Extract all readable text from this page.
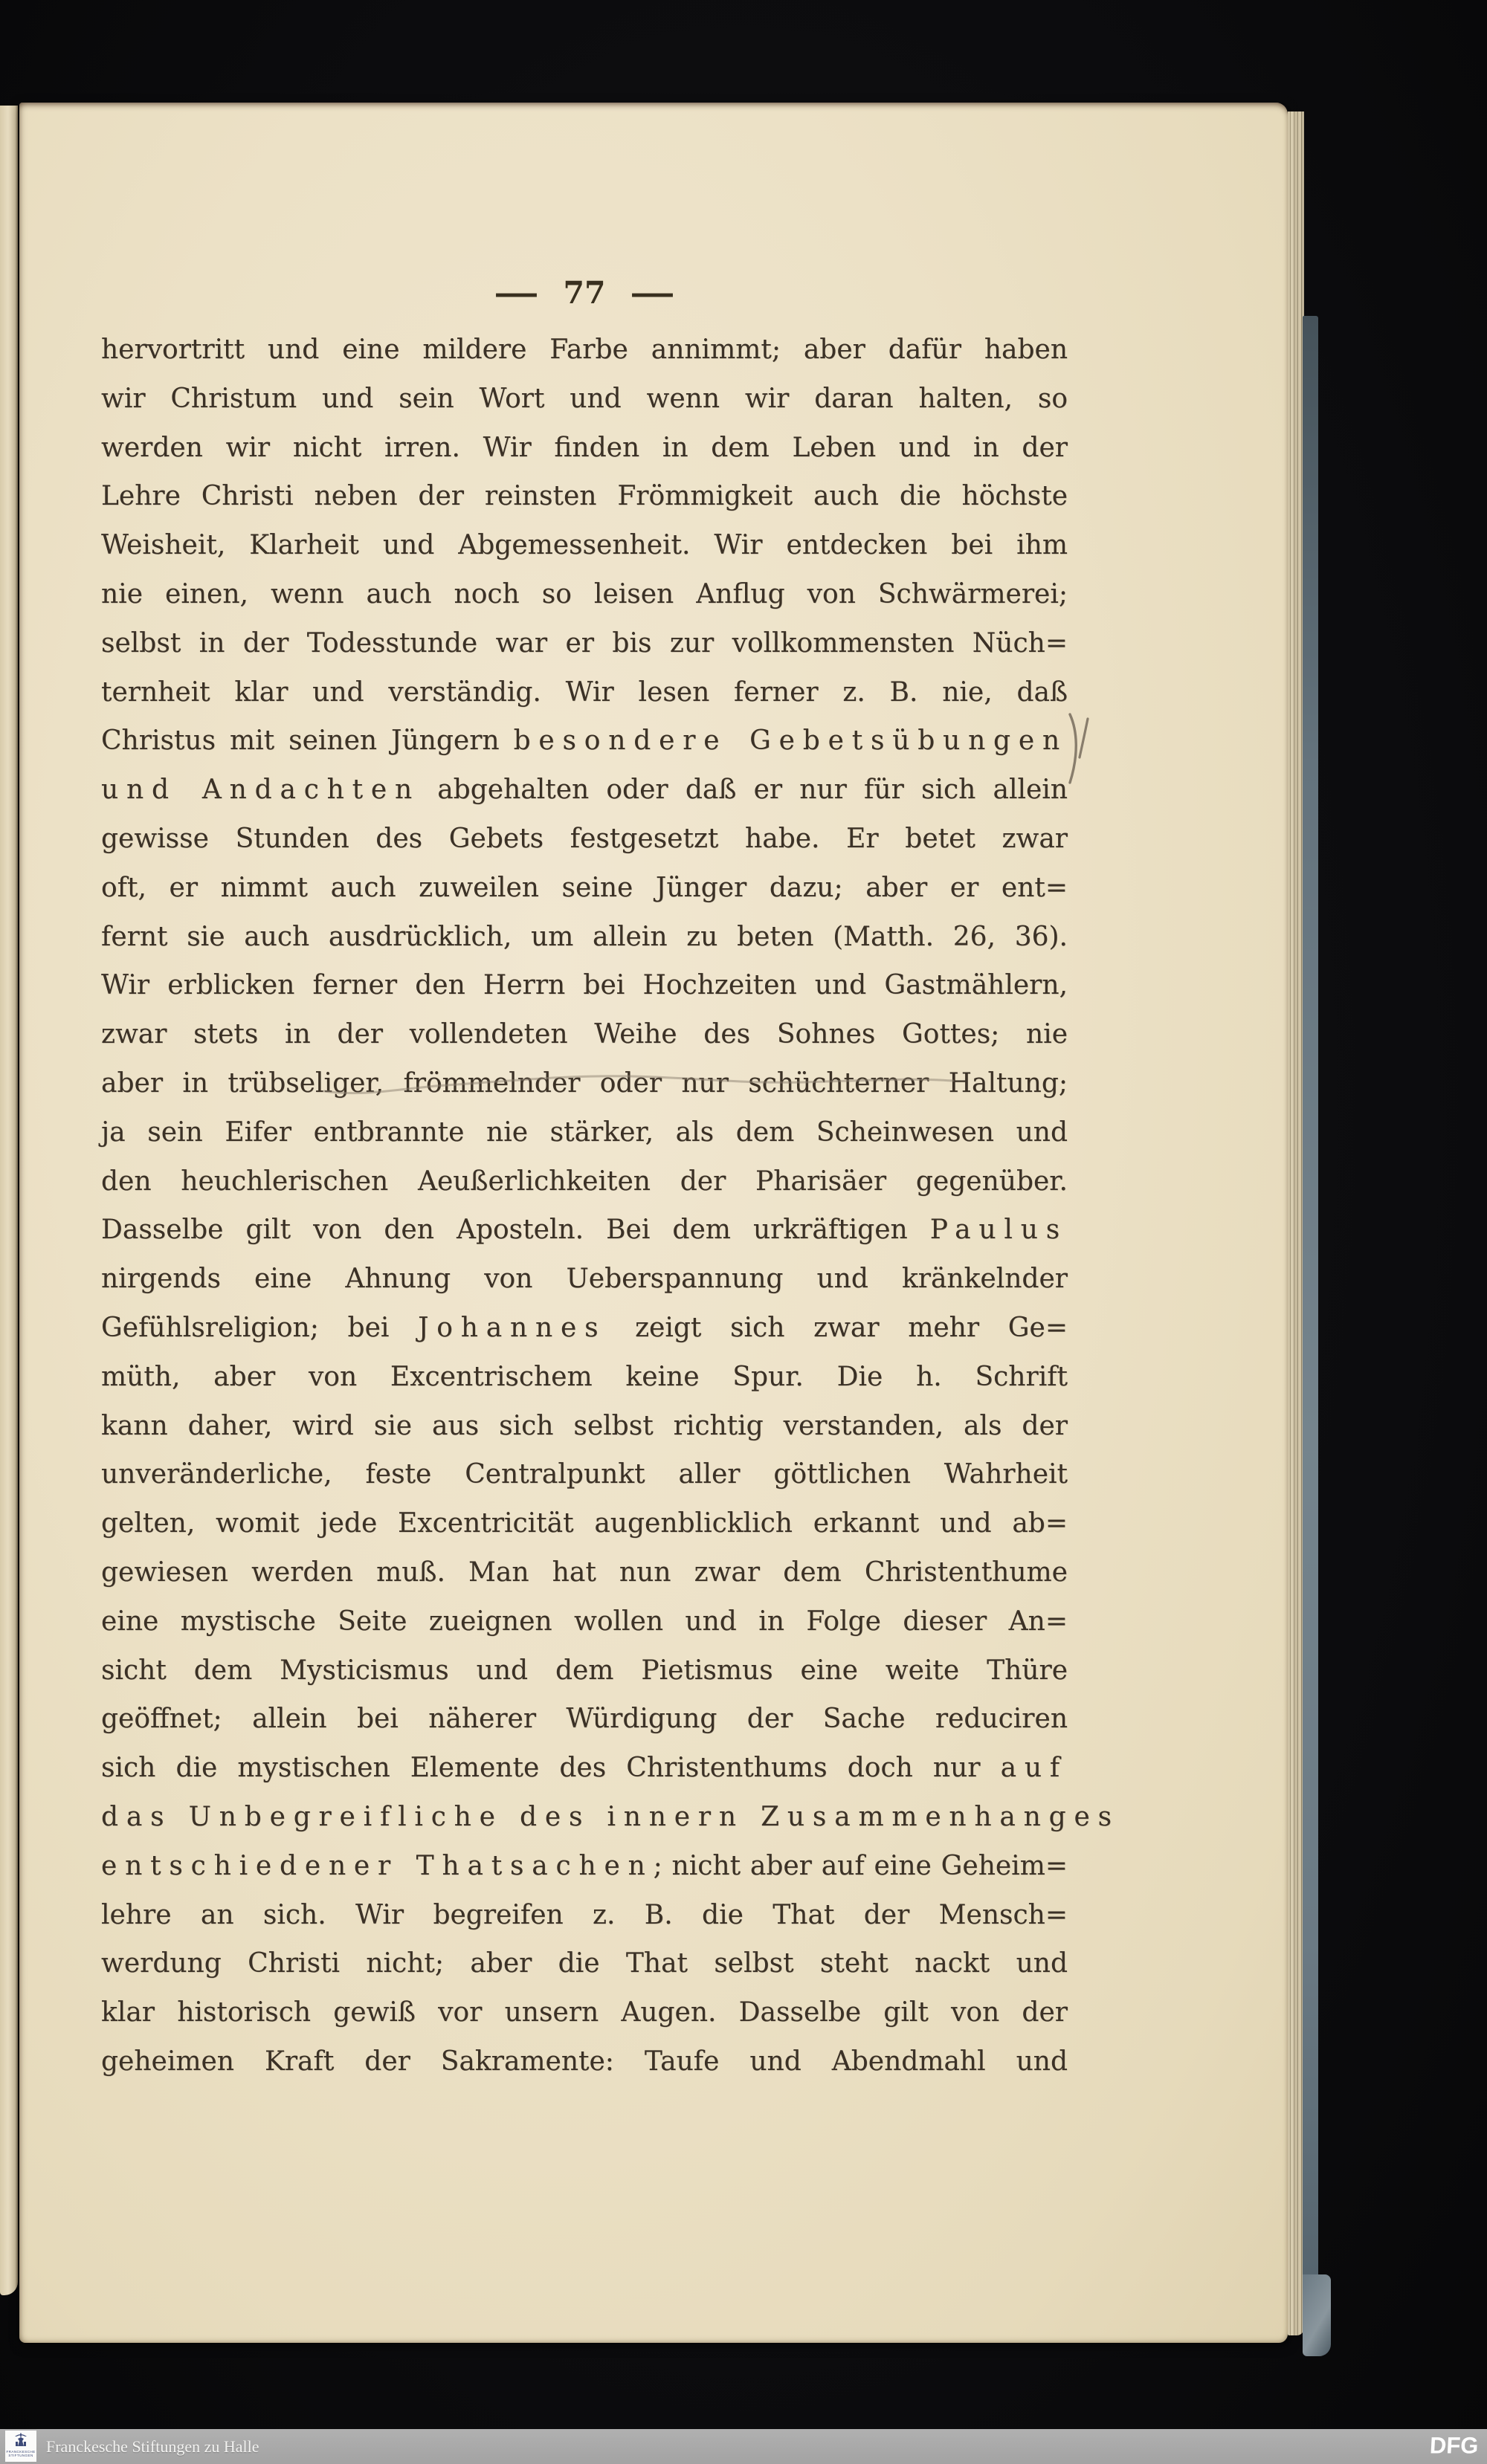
— 77 —
hervortritt und eine mildere Farbe annimmt; aber dafür haben
wir Christum und sein Wort und wenn wir daran halten, so
werden wir nicht irren. Wir finden in dem Leben und in der
Lehre Christi neben der reinsten Frömmigkeit auch die höchste
Weisheit, Klarheit und Abgemessenheit. Wir entdecken bei ihm
nie einen, wenn auch noch so leisen Anflug von Schwärmerei;
selbst in der Todesstunde war er bis zur vollkommensten Nüch=
ternheit klar und verständig. Wir lesen ferner z. B. nie, daß
Christus mit seinen Jüngern besondere Gebetsübungen
und Andachten abgehalten oder daß er nur für sich allein
gewisse Stunden des Gebets festgesetzt habe. Er betet zwar
oft, er nimmt auch zuweilen seine Jünger dazu; aber er ent=
fernt sie auch ausdrücklich, um allein zu beten (Matth. 26, 36).
Wir erblicken ferner den Herrn bei Hochzeiten und Gastmählern,
zwar stets in der vollendeten Weihe des Sohnes Gottes; nie
aber in trübseliger, frömmelnder oder nur schüchterner Haltung;
ja sein Eifer entbrannte nie stärker, als dem Scheinwesen und
den heuchlerischen Aeußerlichkeiten der Pharisäer gegenüber.
Dasselbe gilt von den Aposteln. Bei dem urkräftigen Paulus
nirgends eine Ahnung von Ueberspannung und kränkelnder
Gefühlsreligion; bei Johannes zeigt sich zwar mehr Ge=
müth, aber von Excentrischem keine Spur. Die h. Schrift
kann daher, wird sie aus sich selbst richtig verstanden, als der
unveränderliche, feste Centralpunkt aller göttlichen Wahrheit
gelten, womit jede Excentricität augenblicklich erkannt und ab=
gewiesen werden muß. Man hat nun zwar dem Christenthume
eine mystische Seite zueignen wollen und in Folge dieser An=
sicht dem Mysticismus und dem Pietismus eine weite Thüre
geöffnet; allein bei näherer Würdigung der Sache reduciren
sich die mystischen Elemente des Christenthums doch nur auf
das Unbegreifliche des innern Zusammenhanges
entschiedener Thatsachen; nicht aber auf eine Geheim=
lehre an sich. Wir begreifen z. B. die That der Mensch=
werdung Christi nicht; aber die That selbst steht nackt und
klar historisch gewiß vor unsern Augen. Dasselbe gilt von der
geheimen Kraft der Sakramente: Taufe und Abendmahl und
FRANCKESCHE
STIFTUNGEN Franckesche Stiftungen zu Halle	DFG
